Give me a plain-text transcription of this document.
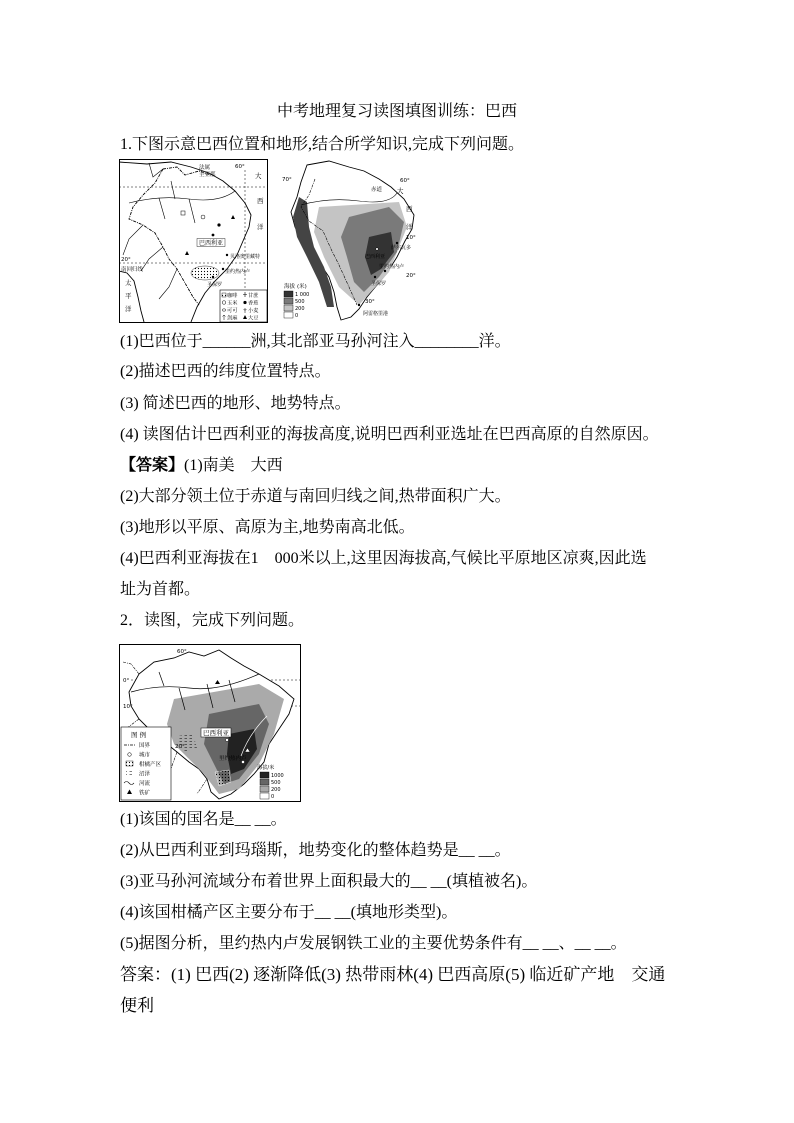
中考地理复习读图填图训练：巴西
1.下图示意巴西位置和地形,结合所学知识,完成下列问题。
法属
圭亚那
60°
大
西
洋
巴西利亚
贝洛奥里藏特
里约热内卢
圣保罗
20°
南回归线
太
平
洋
咖啡 甘蔗
玉米 香蕉
可可 小麦
剑麻 大豆
70°	60°
赤道 大
西
洋
10°
萨尔瓦多
巴西利亚
里约热内卢
20°
圣保罗
30°
阿雷格里港
海拔 (米)
1 000
500
200
0
(1)巴西位于______洲,其北部亚马孙河注入________洋。
(2)描述巴西的纬度位置特点。
(3) 简述巴西的地形、地势特点。
(4) 读图估计巴西利亚的海拔高度,说明巴西利亚选址在巴西高原的自然原因。
【答案】(1)南美　大西
(2)大部分领土位于赤道与南回归线之间,热带面积广大。
(3)地形以平原、高原为主,地势南高北低。
(4)巴西利亚海拔在1　000米以上,这里因海拔高,气候比平原地区凉爽,因此选
址为首都。
2．读图，完成下列问题。
60°
0°
10°
20°
巴西利亚
里约热内卢
图 例
国界
城市
柑橘产区
沼泽
河流
铁矿
海拔/米
1000
500
200
0
(1)该国的国名是__ __。
(2)从巴西利亚到玛瑙斯，地势变化的整体趋势是__ __。
(3)亚马孙河流域分布着世界上面积最大的__ __(填植被名)。
(4)该国柑橘产区主要分布于__ __(填地形类型)。
(5)据图分析，里约热内卢发展钢铁工业的主要优势条件有__ __、__ __。
答案：(1) 巴西(2) 逐渐降低(3) 热带雨林(4) 巴西高原(5) 临近矿产地　交通
便利
